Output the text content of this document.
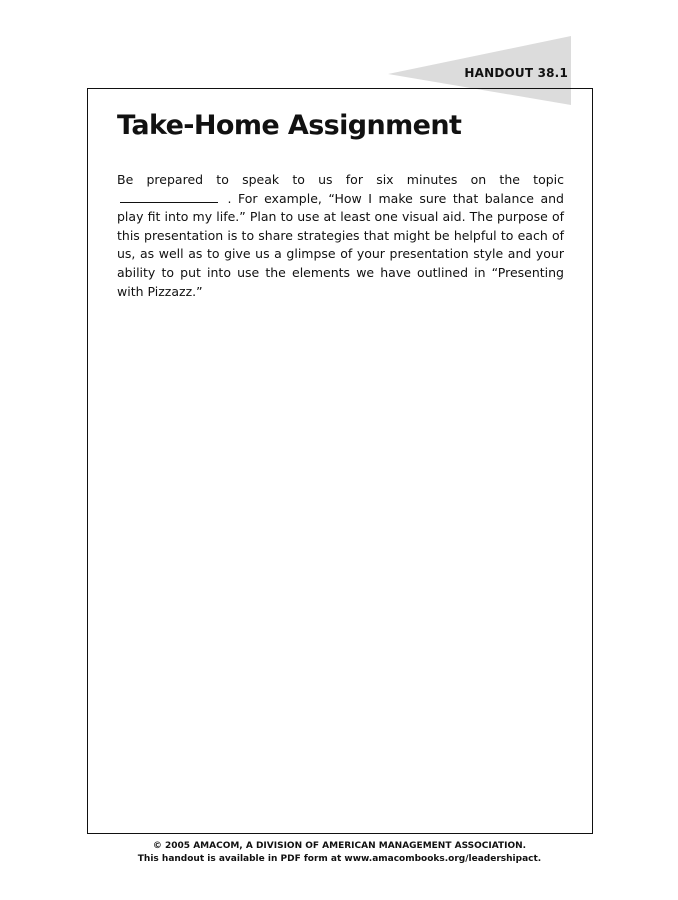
HANDOUT 38.1
Take-Home Assignment
Be prepared to speak to us for six minutes on the topic  . For example, “How I make sure that balance and play fit into my life.” Plan to use at least one visual aid. The purpose of this presentation is to share strategies that might be helpful to each of us, as well as to give us a glimpse of your presentation style and your ability to put into use the elements we have outlined in “Presenting with Pizzazz.”
© 2005 AMACOM, A DIVISION OF AMERICAN MANAGEMENT ASSOCIATION.
This handout is available in PDF form at www.amacombooks.org/leadershipact.
